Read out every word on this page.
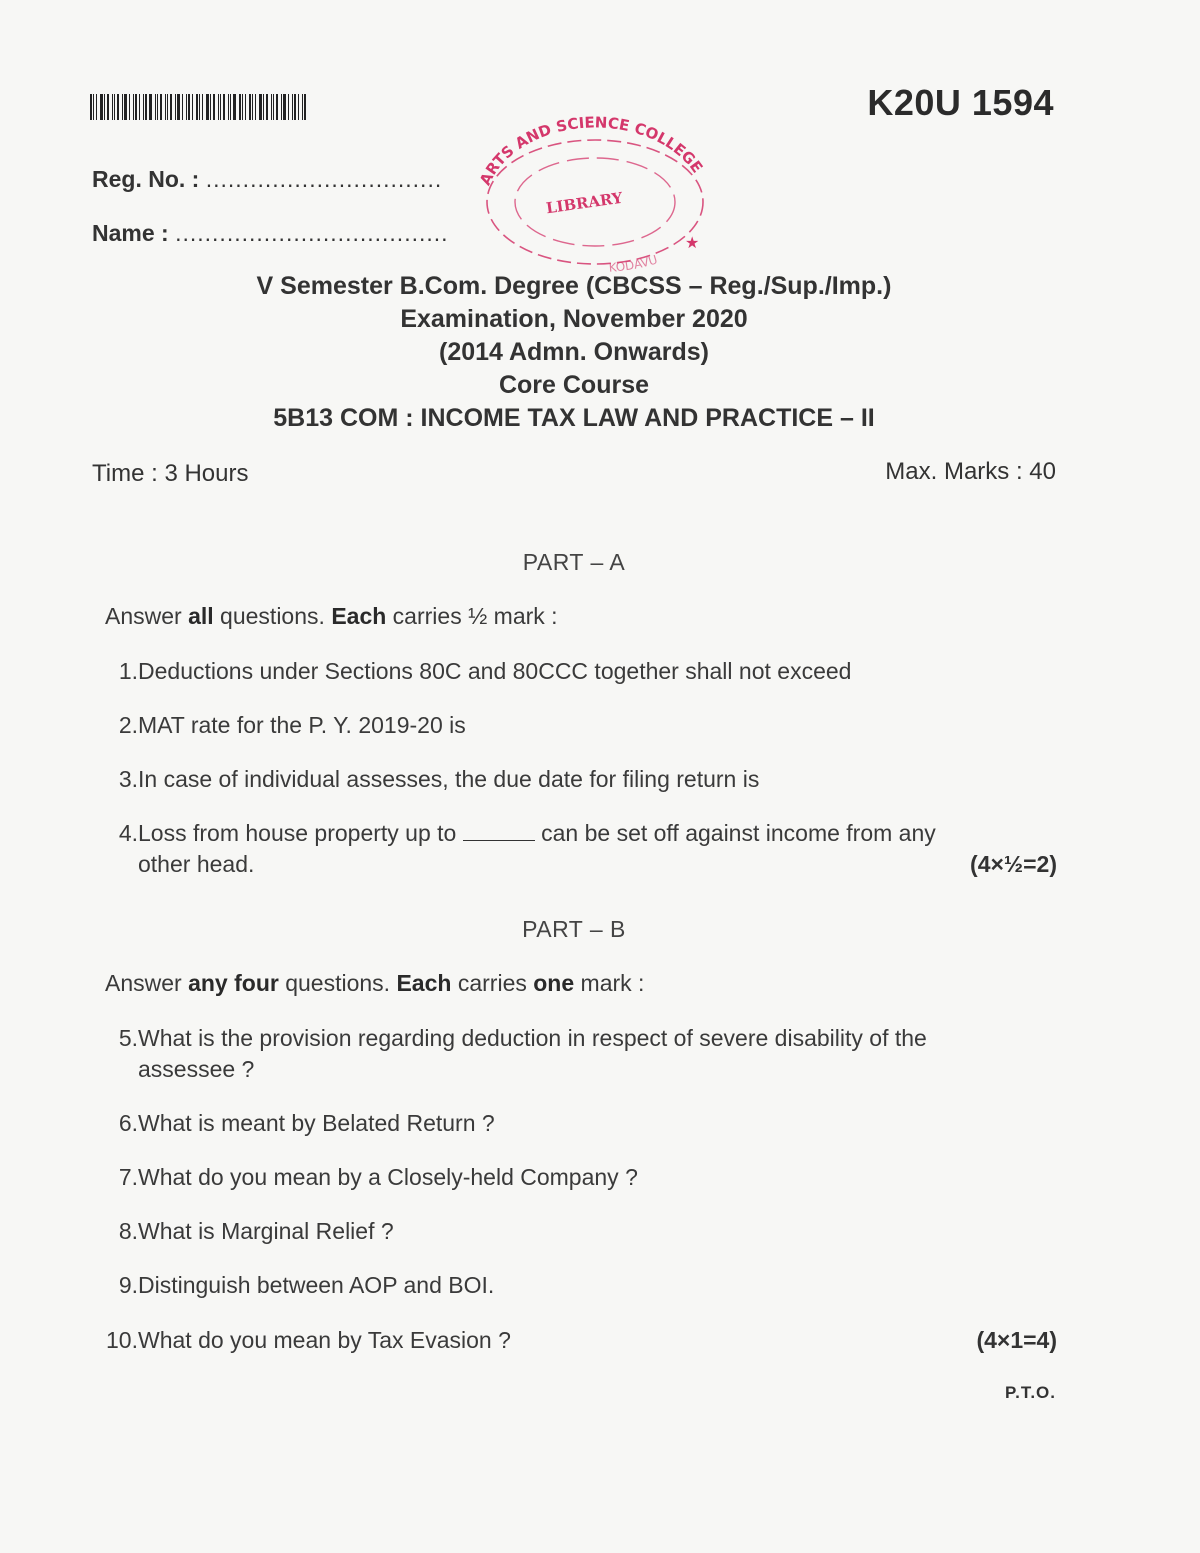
K20U 1594
Reg. No. : ................................
Name : .....................................
ARTS AND SCIENCE COLLEGE
LIBRARY
KODAVU
★
V Semester B.Com. Degree (CBCSS – Reg./Sup./Imp.)
Examination, November 2020
(2014 Admn. Onwards)
Core Course
5B13 COM : INCOME TAX LAW AND PRACTICE – II
Time : 3 Hours	Max. Marks : 40
PART – A
Answer all questions. Each carries ½ mark :
1. Deductions under Sections 80C and 80CCC together shall not exceed
2. MAT rate for the P. Y. 2019-20 is
3. In case of individual assesses, the due date for filing return is
4. Loss from house property up to	can be set off against income from any
other head.	(4×½=2)
PART – B
Answer any four questions. Each carries one mark :
5. What is the provision regarding deduction in respect of severe disability of the
assessee ?
6. What is meant by Belated Return ?
7. What do you mean by a Closely-held Company ?
8. What is Marginal Relief ?
9. Distinguish between AOP and BOI.
10. What do you mean by Tax Evasion ?	(4×1=4)
P.T.O.
